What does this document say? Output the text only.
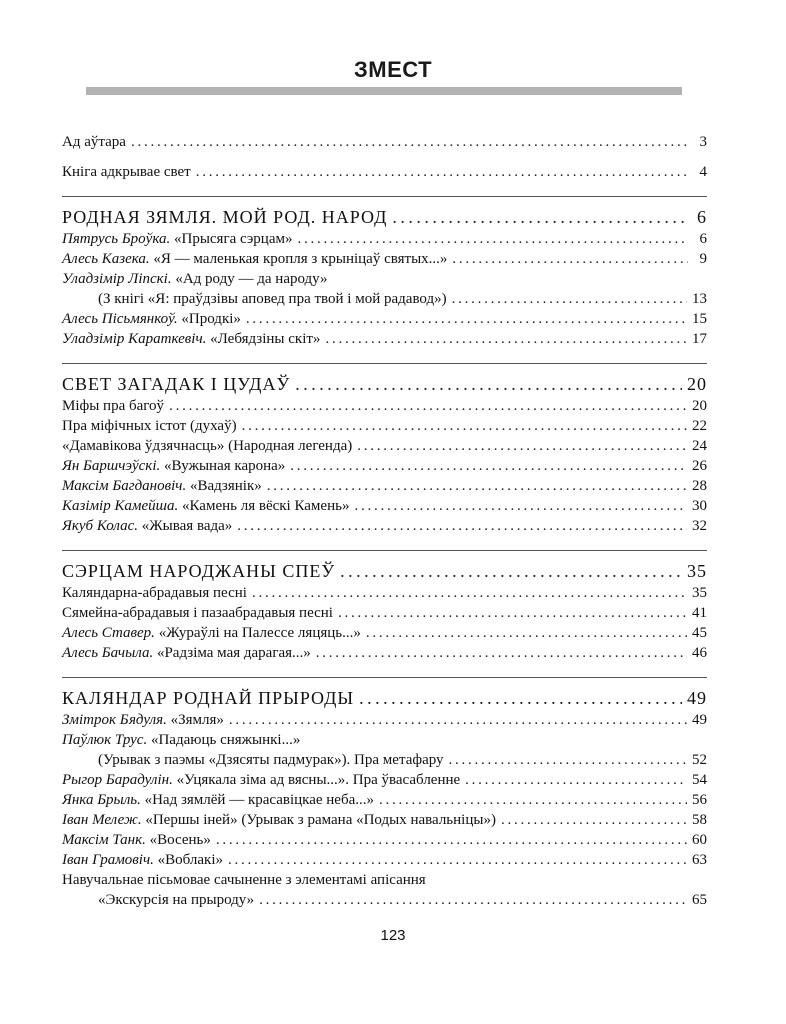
ЗМЕСТ
Ад аўтара . . .	3
Кніга адкрывае свет . . .	4
РОДНАЯ ЗЯМЛЯ. МОЙ РОД. НАРОД . . .	6
Пятрусь Броўка. «Прысяга сэрцам» . . .	6
Алесь Казека. «Я — маленькая кропля з крыніцаў святых...» . . .	9
Уладзімір Ліпскі. «Ад роду — да народу»
(З кнігі «Я: праўдзівы аповед пра твой і мой радавод») . . .	13
Алесь Пісьмянкоў. «Продкі» . . .	15
Уладзімір Караткевіч. «Лебядзіны скіт» . . .	17
СВЕТ ЗАГАДАК І ЦУДАЎ . . .	20
Міфы пра багоў . . .	20
Пра міфічных істот (духаў) . . .	22
«Дамавікова ўдзячнасць» (Народная легенда) . . .	24
Ян Баршчэўскі. «Вужыная карона» . . .	26
Максім Багдановіч. «Вадзянік» . . .	28
Казімір Камейша. «Камень ля вёскі Камень» . . .	30
Якуб Колас. «Жывая вада» . . .	32
СЭРЦАМ НАРОДЖАНЫ СПЕЎ . . .	35
Каляндарна-абрадавыя песні . . .	35
Сямейна-абрадавыя і пазаабрадавыя песні . . .	41
Алесь Ставер. «Жураўлі на Палессе ляцяць...» . . .	45
Алесь Бачыла. «Радзіма мая дарагая...» . . .	46
КАЛЯНДАР РОДНАЙ ПРЫРОДЫ . . .	49
Змітрок Бядуля. «Зямля» . . .	49
Паўлюк Трус. «Падаюць сняжынкі...»
(Урывак з паэмы «Дзясяты падмурак»). Пра метафару . . .	52
Рыгор Барадулін. «Уцякала зіма ад вясны...». Пра ўвасабленне . . .	54
Янка Брыль. «Над зямлёй — красавіцкае неба...» . . .	56
Іван Мележ. «Першы іней» (Урывак з рамана «Подых навальніцы») . . .	58
Максім Танк. «Восень» . . .	60
Іван Грамовіч. «Воблакі» . . .	63
Навучальнае пісьмовае сачыненне з элементамі апісання
«Экскурсія на прыроду» . . .	65
123
